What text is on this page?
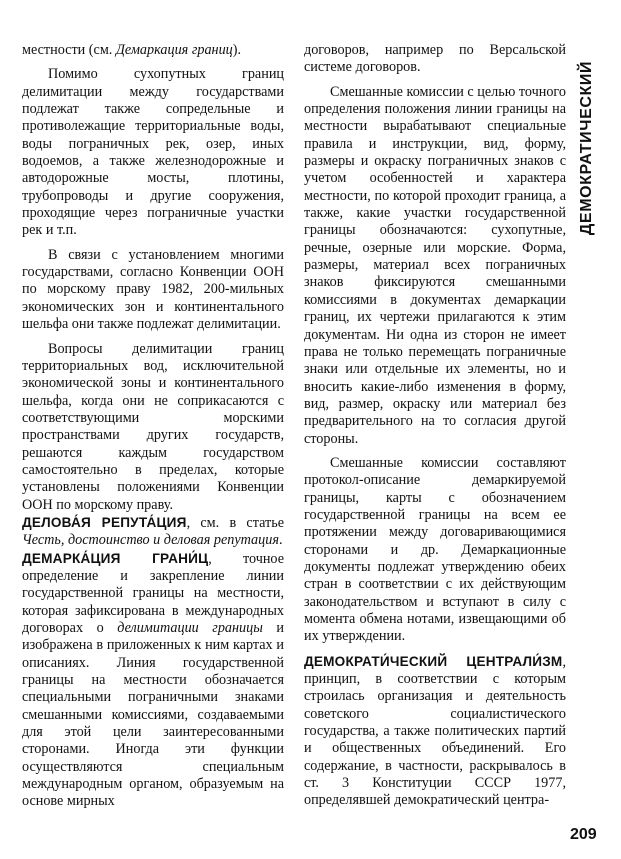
местности (см. Демаркация границ).

Помимо сухопутных границ делимитации между государствами подлежат также сопредельные и противолежащие территориальные воды, воды пограничных рек, озер, иных водоемов, а также железнодорожные и автодорожные мосты, плотины, трубопроводы и другие сооружения, проходящие через пограничные участки рек и т.п.

В связи с установлением многими государствами, согласно Конвенции ООН по морскому праву 1982, 200-мильных экономических зон и континентального шельфа они также подлежат делимитации.

Вопросы делимитации границ территориальных вод, исключительной экономической зоны и континентального шельфа, когда они не соприкасаются с соответствующими морскими пространствами других государств, решаются каждым государством самостоятельно в пределах, которые установлены положениями Конвенции ООН по морскому праву.

ДЕЛОВА́Я РЕПУТА́ЦИЯ, см. в статье Честь, достоинство и деловая репутация.

ДЕМАРКА́ЦИЯ ГРАНИ́Ц, точное определение и закрепление линии государственной границы на местности, которая зафиксирована в международных договорах о делимитации границы и изображена в приложенных к ним картах и описаниях. Линия государственной границы на местности обозначается специальными пограничными знаками смешанными комиссиями, создаваемыми для этой цели заинтересованными сторонами. Иногда эти функции осуществляются специальным международным органом, образуемым на основе мирных

договоров, например по Версальской системе договоров.

Смешанные комиссии с целью точного определения положения линии границы на местности вырабатывают специальные правила и инструкции, вид, форму, размеры и окраску пограничных знаков с учетом особенностей и характера местности, по которой проходит граница, а также, какие участки государственной границы обозначаются: сухопутные, речные, озерные или морские. Форма, размеры, материал всех пограничных знаков фиксируются смешанными комиссиями в документах демаркации границ, их чертежи прилагаются к этим документам. Ни одна из сторон не имеет права не только перемещать пограничные знаки или отдельные их элементы, но и вносить какие-либо изменения в форму, вид, размер, окраску или материал без предварительного на то согласия другой стороны.

Смешанные комиссии составляют протокол-описание демаркируемой границы, карты с обозначением государственной границы на всем ее протяжении между договаривающимися сторонами и др. Демаркационные документы подлежат утверждению обеих стран в соответствии с их действующим законодательством и вступают в силу с момента обмена нотами, извещающими об их утверждении.

ДЕМОКРАТИ́ЧЕСКИЙ ЦЕНТРАЛИ́ЗМ, принцип, в соответствии с которым строилась организация и деятельность советского социалистического государства, а также политических партий и общественных объединений. Его содержание, в частности, раскрывалось в ст. 3 Конституции СССР 1977, определявшей демократический центра-

ДЕМОКРАТИЧЕСКИЙ
209
